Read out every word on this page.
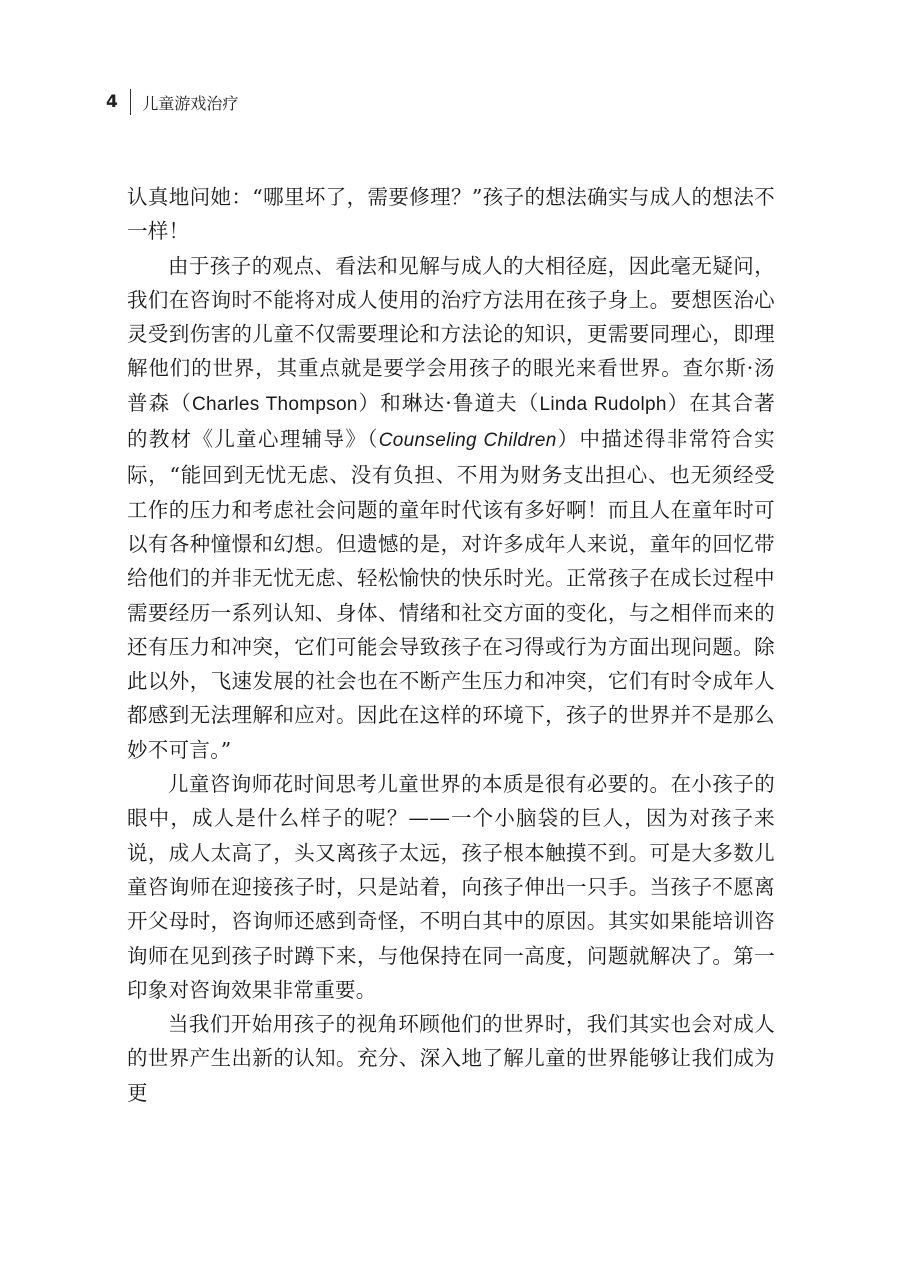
4 儿童游戏治疗

认真地问她：“哪里坏了，需要修理？”孩子的想法确实与成人的想法不一样！

由于孩子的观点、看法和见解与成人的大相径庭，因此毫无疑问，我们在咨询时不能将对成人使用的治疗方法用在孩子身上。要想医治心灵受到伤害的儿童不仅需要理论和方法论的知识，更需要同理心，即理解他们的世界，其重点就是要学会用孩子的眼光来看世界。查尔斯·汤普森（Charles Thompson）和琳达·鲁道夫（Linda Rudolph）在其合著的教材《儿童心理辅导》（Counseling Children）中描述得非常符合实际，“能回到无忧无虑、没有负担、不用为财务支出担心、也无须经受工作的压力和考虑社会问题的童年时代该有多好啊！而且人在童年时可以有各种憧憬和幻想。但遗憾的是，对许多成年人来说，童年的回忆带给他们的并非无忧无虑、轻松愉快的快乐时光。正常孩子在成长过程中需要经历一系列认知、身体、情绪和社交方面的变化，与之相伴而来的还有压力和冲突，它们可能会导致孩子在习得或行为方面出现问题。除此以外，飞速发展的社会也在不断产生压力和冲突，它们有时令成年人都感到无法理解和应对。因此在这样的环境下，孩子的世界并不是那么妙不可言。”

儿童咨询师花时间思考儿童世界的本质是很有必要的。在小孩子的眼中，成人是什么样子的呢？——一个小脑袋的巨人，因为对孩子来说，成人太高了，头又离孩子太远，孩子根本触摸不到。可是大多数儿童咨询师在迎接孩子时，只是站着，向孩子伸出一只手。当孩子不愿离开父母时，咨询师还感到奇怪，不明白其中的原因。其实如果能培训咨询师在见到孩子时蹲下来，与他保持在同一高度，问题就解决了。第一印象对咨询效果非常重要。

当我们开始用孩子的视角环顾他们的世界时，我们其实也会对成人的世界产生出新的认知。充分、深入地了解儿童的世界能够让我们成为更
